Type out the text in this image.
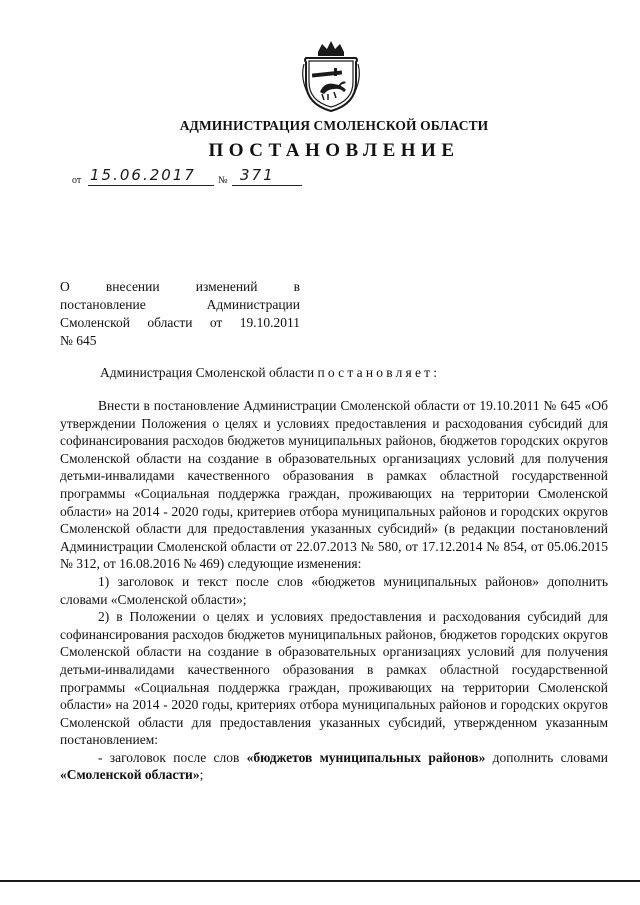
АДМИНИСТРАЦИЯ СМОЛЕНСКОЙ ОБЛАСТИ
ПОСТАНОВЛЕНИЕ
от 15.06.2017 № 371
О внесении изменений в
постановление Администрации
Смоленской области от 19.10.2011
№ 645
Администрация Смоленской области постановляет:

Внести в постановление Администрации Смоленской области от 19.10.2011 № 645 «Об утверждении Положения о целях и условиях предоставления и расходования субсидий для софинансирования расходов бюджетов муниципальных районов, бюджетов городских округов Смоленской области на создание в образовательных организациях условий для получения детьми-инвалидами качественного образования в рамках областной государственной программы «Социальная поддержка граждан, проживающих на территории Смоленской области» на 2014 - 2020 годы, критериев отбора муниципальных районов и городских округов Смоленской области для предоставления указанных субсидий» (в редакции постановлений Администрации Смоленской области от 22.07.2013 № 580, от 17.12.2014 № 854, от 05.06.2015 № 312, от 16.08.2016 № 469) следующие изменения:

1) заголовок и текст после слов «бюджетов муниципальных районов» дополнить словами «Смоленской области»;

2) в Положении о целях и условиях предоставления и расходования субсидий для софинансирования расходов бюджетов муниципальных районов, бюджетов городских округов Смоленской области на создание в образовательных организациях условий для получения детьми-инвалидами качественного образования в рамках областной государственной программы «Социальная поддержка граждан, проживающих на территории Смоленской области» на 2014 - 2020 годы, критериях отбора муниципальных районов и городских округов Смоленской области для предоставления указанных субсидий, утвержденном указанным постановлением:

- заголовок после слов «бюджетов муниципальных районов» дополнить словами «Смоленской области»;
